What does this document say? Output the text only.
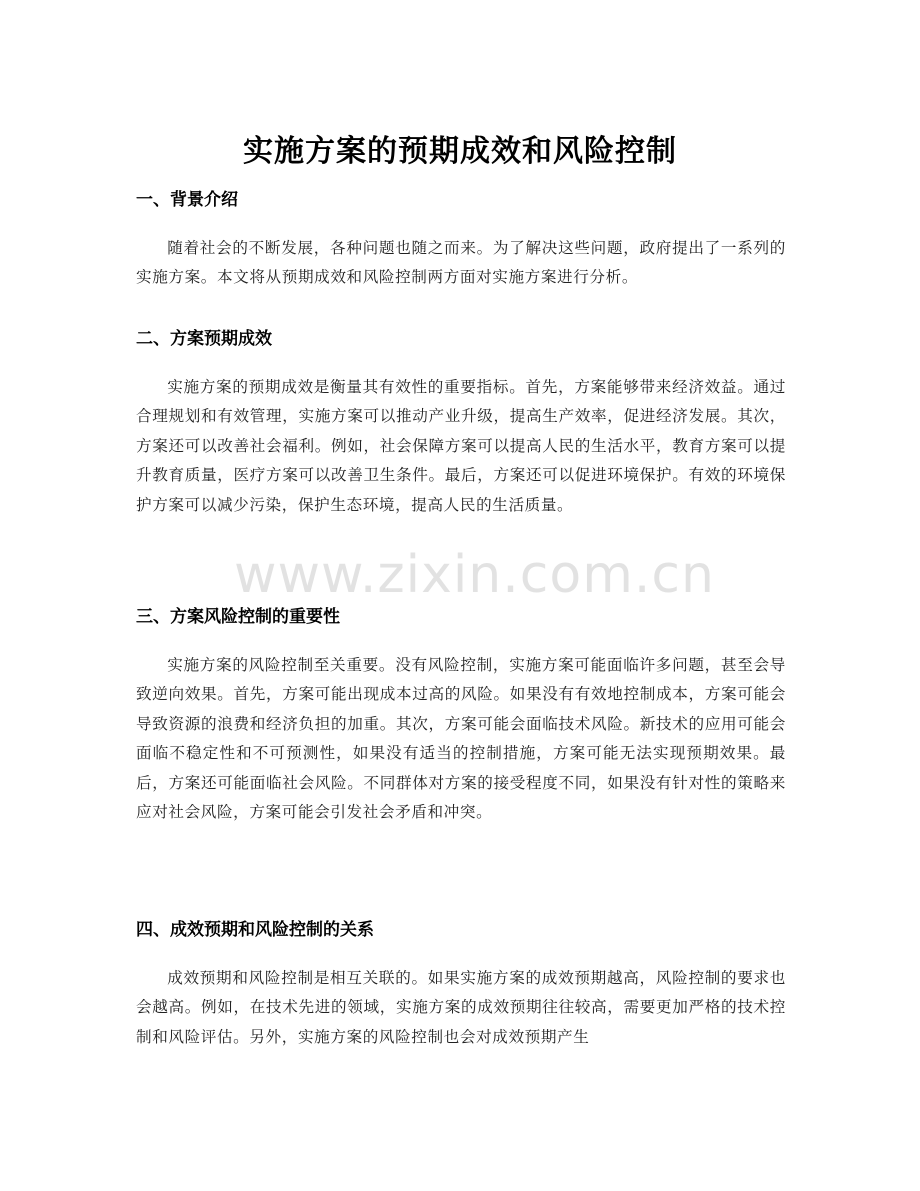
实施方案的预期成效和风险控制
一、背景介绍

随着社会的不断发展，各种问题也随之而来。为了解决这些问题，政府提出了一系列的实施方案。本文将从预期成效和风险控制两方面对实施方案进行分析。

二、方案预期成效

实施方案的预期成效是衡量其有效性的重要指标。首先，方案能够带来经济效益。通过合理规划和有效管理，实施方案可以推动产业升级，提高生产效率，促进经济发展。其次，方案还可以改善社会福利。例如，社会保障方案可以提高人民的生活水平，教育方案可以提升教育质量，医疗方案可以改善卫生条件。最后，方案还可以促进环境保护。有效的环境保护方案可以减少污染，保护生态环境，提高人民的生活质量。

三、方案风险控制的重要性

实施方案的风险控制至关重要。没有风险控制，实施方案可能面临许多问题，甚至会导致逆向效果。首先，方案可能出现成本过高的风险。如果没有有效地控制成本，方案可能会导致资源的浪费和经济负担的加重。其次，方案可能会面临技术风险。新技术的应用可能会面临不稳定性和不可预测性，如果没有适当的控制措施，方案可能无法实现预期效果。最后，方案还可能面临社会风险。不同群体对方案的接受程度不同，如果没有针对性的策略来应对社会风险，方案可能会引发社会矛盾和冲突。

四、成效预期和风险控制的关系

成效预期和风险控制是相互关联的。如果实施方案的成效预期越高，风险控制的要求也会越高。例如，在技术先进的领域，实施方案的成效预期往往较高，需要更加严格的技术控制和风险评估。另外，实施方案的风险控制也会对成效预期产生

www.zixin.com.cn
